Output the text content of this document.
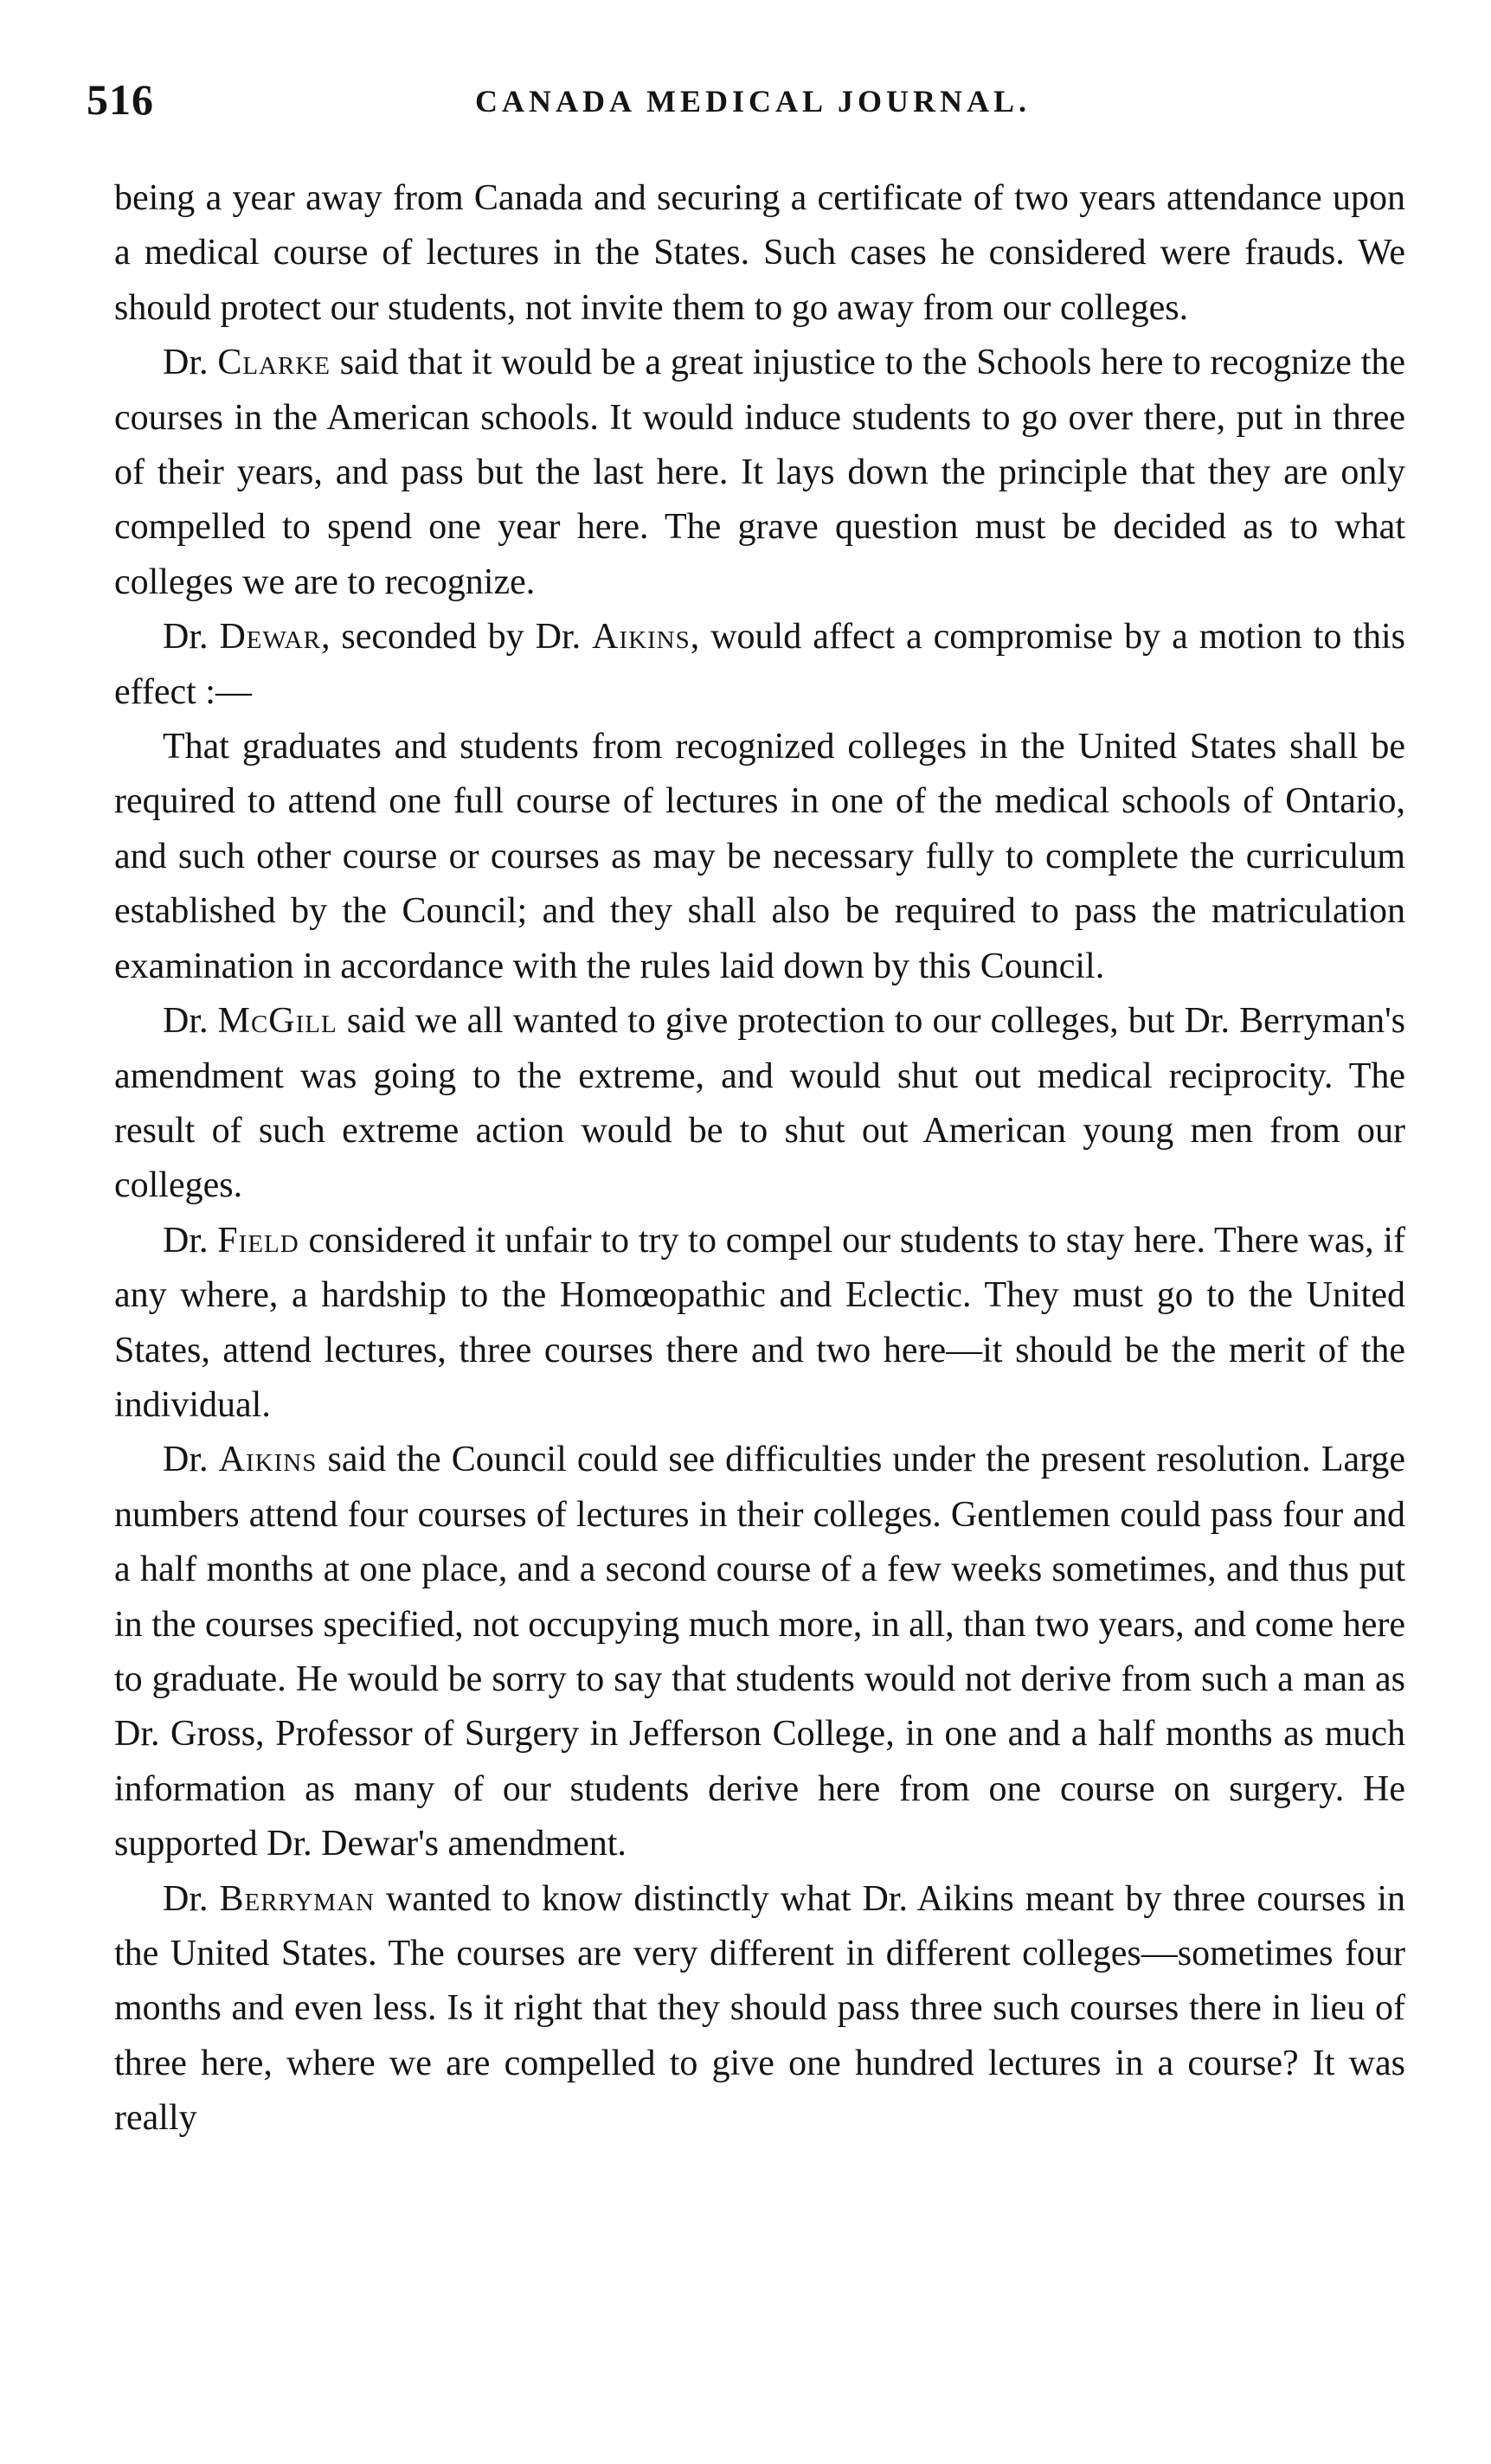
516	CANADA MEDICAL JOURNAL.

being a year away from Canada and securing a certificate of two years attendance upon a medical course of lectures in the States. Such cases he considered were frauds. We should protect our students, not invite them to go away from our colleges.

Dr. Clarke said that it would be a great injustice to the Schools here to recognize the courses in the American schools. It would induce students to go over there, put in three of their years, and pass but the last here. It lays down the principle that they are only compelled to spend one year here. The grave question must be decided as to what colleges we are to recognize.

Dr. Dewar, seconded by Dr. Aikins, would affect a compromise by a motion to this effect :—

That graduates and students from recognized colleges in the United States shall be required to attend one full course of lectures in one of the medical schools of Ontario, and such other course or courses as may be necessary fully to complete the curriculum established by the Council; and they shall also be required to pass the matriculation examination in accordance with the rules laid down by this Council.

Dr. McGill said we all wanted to give protection to our colleges, but Dr. Berryman's amendment was going to the extreme, and would shut out medical reciprocity. The result of such extreme action would be to shut out American young men from our colleges.

Dr. Field considered it unfair to try to compel our students to stay here. There was, if any where, a hardship to the Homœopathic and Eclectic. They must go to the United States, attend lectures, three courses there and two here—it should be the merit of the individual.

Dr. Aikins said the Council could see difficulties under the present resolution. Large numbers attend four courses of lectures in their colleges. Gentlemen could pass four and a half months at one place, and a second course of a few weeks sometimes, and thus put in the courses specified, not occupying much more, in all, than two years, and come here to graduate. He would be sorry to say that students would not derive from such a man as Dr. Gross, Professor of Surgery in Jefferson College, in one and a half months as much information as many of our students derive here from one course on surgery. He supported Dr. Dewar's amendment.

Dr. Berryman wanted to know distinctly what Dr. Aikins meant by three courses in the United States. The courses are very different in different colleges—sometimes four months and even less. Is it right that they should pass three such courses there in lieu of three here, where we are compelled to give one hundred lectures in a course? It was really
